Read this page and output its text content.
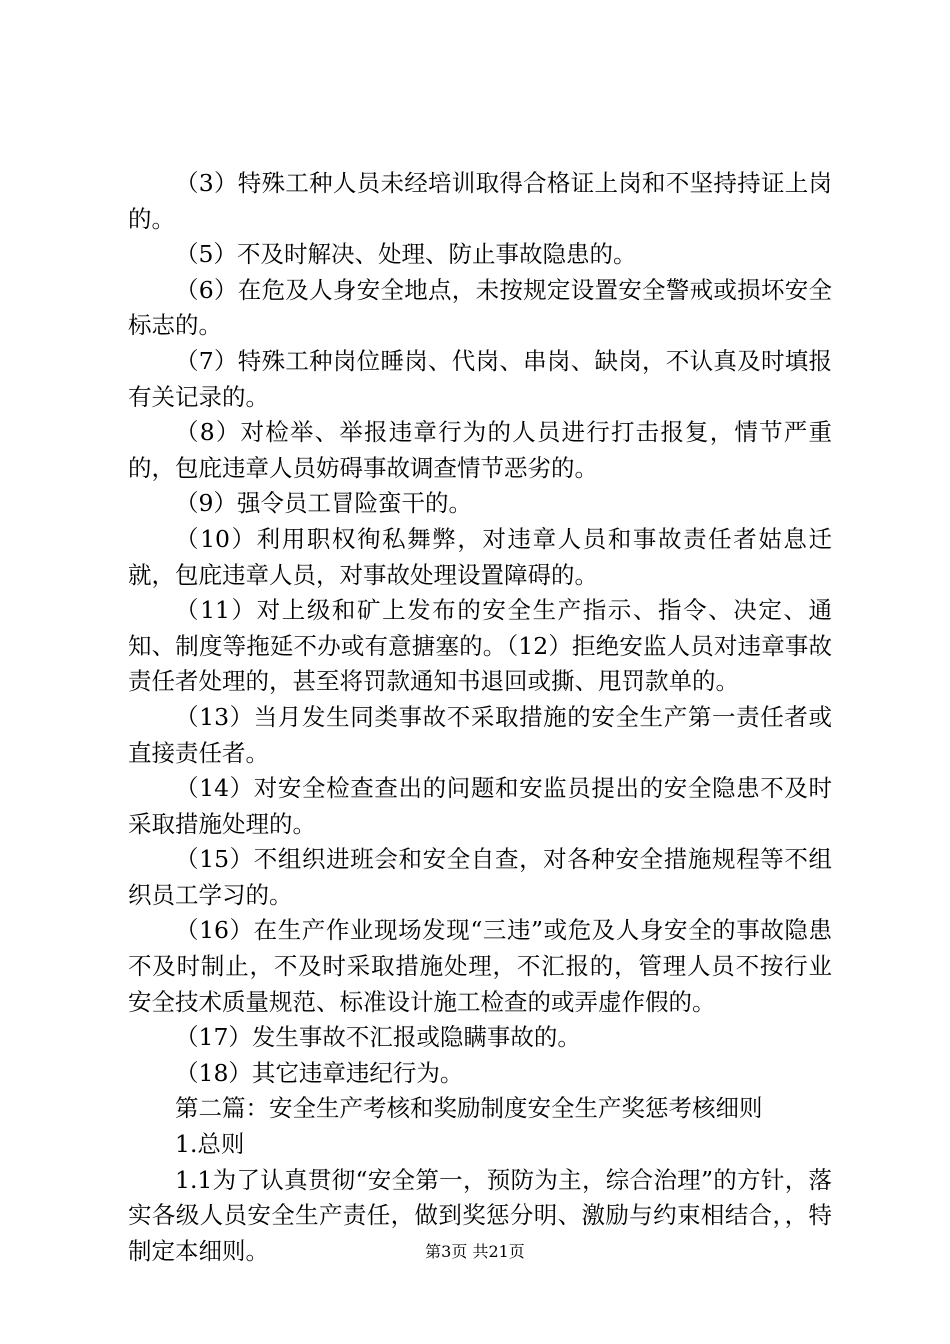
（3）特殊工种人员未经培训取得合格证上岗和不坚持持证上岗的。

（5）不及时解决、处理、防止事故隐患的。

（6）在危及人身安全地点，未按规定设置安全警戒或损坏安全标志的。

（7）特殊工种岗位睡岗、代岗、串岗、缺岗，不认真及时填报有关记录的。

（8）对检举、举报违章行为的人员进行打击报复，情节严重的，包庇违章人员妨碍事故调查情节恶劣的。

（9）强令员工冒险蛮干的。

（10）利用职权徇私舞弊，对违章人员和事故责任者姑息迁就，包庇违章人员，对事故处理设置障碍的。

（11）对上级和矿上发布的安全生产指示、指令、决定、通知、制度等拖延不办或有意搪塞的。（12）拒绝安监人员对违章事故责任者处理的，甚至将罚款通知书退回或撕、甩罚款单的。

（13）当月发生同类事故不采取措施的安全生产第一责任者或直接责任者。

（14）对安全检查查出的问题和安监员提出的安全隐患不及时采取措施处理的。

（15）不组织进班会和安全自查，对各种安全措施规程等不组织员工学习的。

（16）在生产作业现场发现“三违”或危及人身安全的事故隐患不及时制止，不及时采取措施处理，不汇报的，管理人员不按行业安全技术质量规范、标准设计施工检查的或弄虚作假的。

（17）发生事故不汇报或隐瞒事故的。

（18）其它违章违纪行为。

第二篇：安全生产考核和奖励制度安全生产奖惩考核细则

1.总则

1.1为了认真贯彻“安全第一，预防为主，综合治理”的方针，落实各级人员安全生产责任，做到奖惩分明、激励与约束相结合，，特制定本细则。	第3页 共21页
